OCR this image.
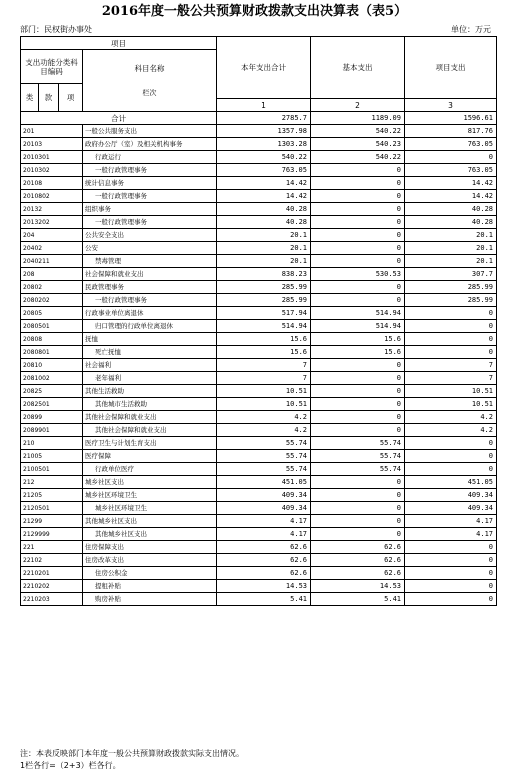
2016年度一般公共预算财政拨款支出决算表（表5）
部门：民权街办事处	单位：万元
项目				本年支出合计	基本支出	项目支出
支出功能分类科目编码			科目名称
栏次			

类	款	项				
				1	2	3
合计				2785.7	1189.09	1596.61
201			一般公共服务支出	1357.98	540.22	817.76
20103			政府办公厅（室）及相关机构事务	1303.28	540.23	763.05
2010301			行政运行	540.22	540.22	0
2010302			一般行政管理事务	763.05	0	763.05
20108			统计信息事务	14.42	0	14.42
2010802			一般行政管理事务	14.42	0	14.42
20132			组织事务	40.28	0	40.28
2013202			一般行政管理事务	40.28	0	40.28
204			公共安全支出	20.1	0	20.1
20402			公安	20.1	0	20.1
2040211			禁毒管理	20.1	0	20.1
208			社会保障和就业支出	838.23	530.53	307.7
20802			民政管理事务	285.99	0	285.99
2080202			一般行政管理事务	285.99	0	285.99
20805			行政事业单位离退休	517.94	514.94	0
2080501			归口管理的行政单位离退休	514.94	514.94	0
20808			抚恤	15.6	15.6	0
2080801			死亡抚恤	15.6	15.6	0
20810			社会福利	7	0	7
2081002			老年福利	7	0	7
20825			其他生活救助	10.51	0	10.51
2082501			其他城市生活救助	10.51	0	10.51
20899			其他社会保障和就业支出	4.2	0	4.2
2089901			其他社会保障和就业支出	4.2	0	4.2
210			医疗卫生与计划生育支出	55.74	55.74	0
21005			医疗保障	55.74	55.74	0
2100501			行政单位医疗	55.74	55.74	0
212			城乡社区支出	451.05	0	451.05
21205			城乡社区环境卫生	409.34	0	409.34
2120501			城乡社区环境卫生	409.34	0	409.34
21299			其他城乡社区支出	4.17	0	4.17
2129999			其他城乡社区支出	4.17	0	4.17
221			住房保障支出	62.6	62.6	0
22102			住房改革支出	62.6	62.6	0
2210201			住房公积金	62.6	62.6	0
2210202			提租补贴	14.53	14.53	0
2210203			购房补贴	5.41	5.41	0
注：本表反映部门本年度一般公共预算财政拨款实际支出情况。
1栏各行=（2+3）栏各行。
